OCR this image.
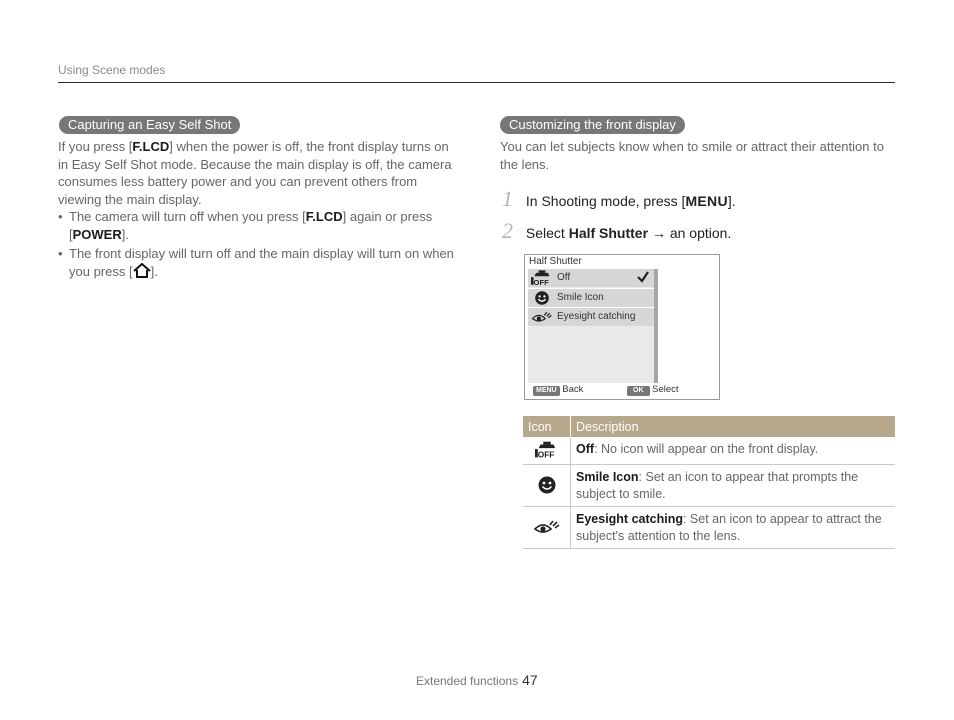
Using Scene modes
Capturing an Easy Self Shot
If you press [F.LCD] when the power is off, the front display turns on in Easy Self Shot mode. Because the main display is off, the camera consumes less battery power and you can prevent others from viewing the main display.
• The camera will turn off when you press [F.LCD] again or press [POWER].
• The front display will turn off and the main display will turn on when you press [ ].
Customizing the front display
You can let subjects know when to smile or attract their attention to the lens.
1 In Shooting mode, press [MENU].
2 Select Half Shutter → an option.
Half Shutter
Off
Smile Icon
Eyesight catching
MENU Back	OK Select
Icon	Description
	Off: No icon will appear on the front display.
	Smile Icon: Set an icon to appear that prompts the subject to smile.
	Eyesight catching: Set an icon to appear to attract the subject's attention to the lens.
Extended functions 47
